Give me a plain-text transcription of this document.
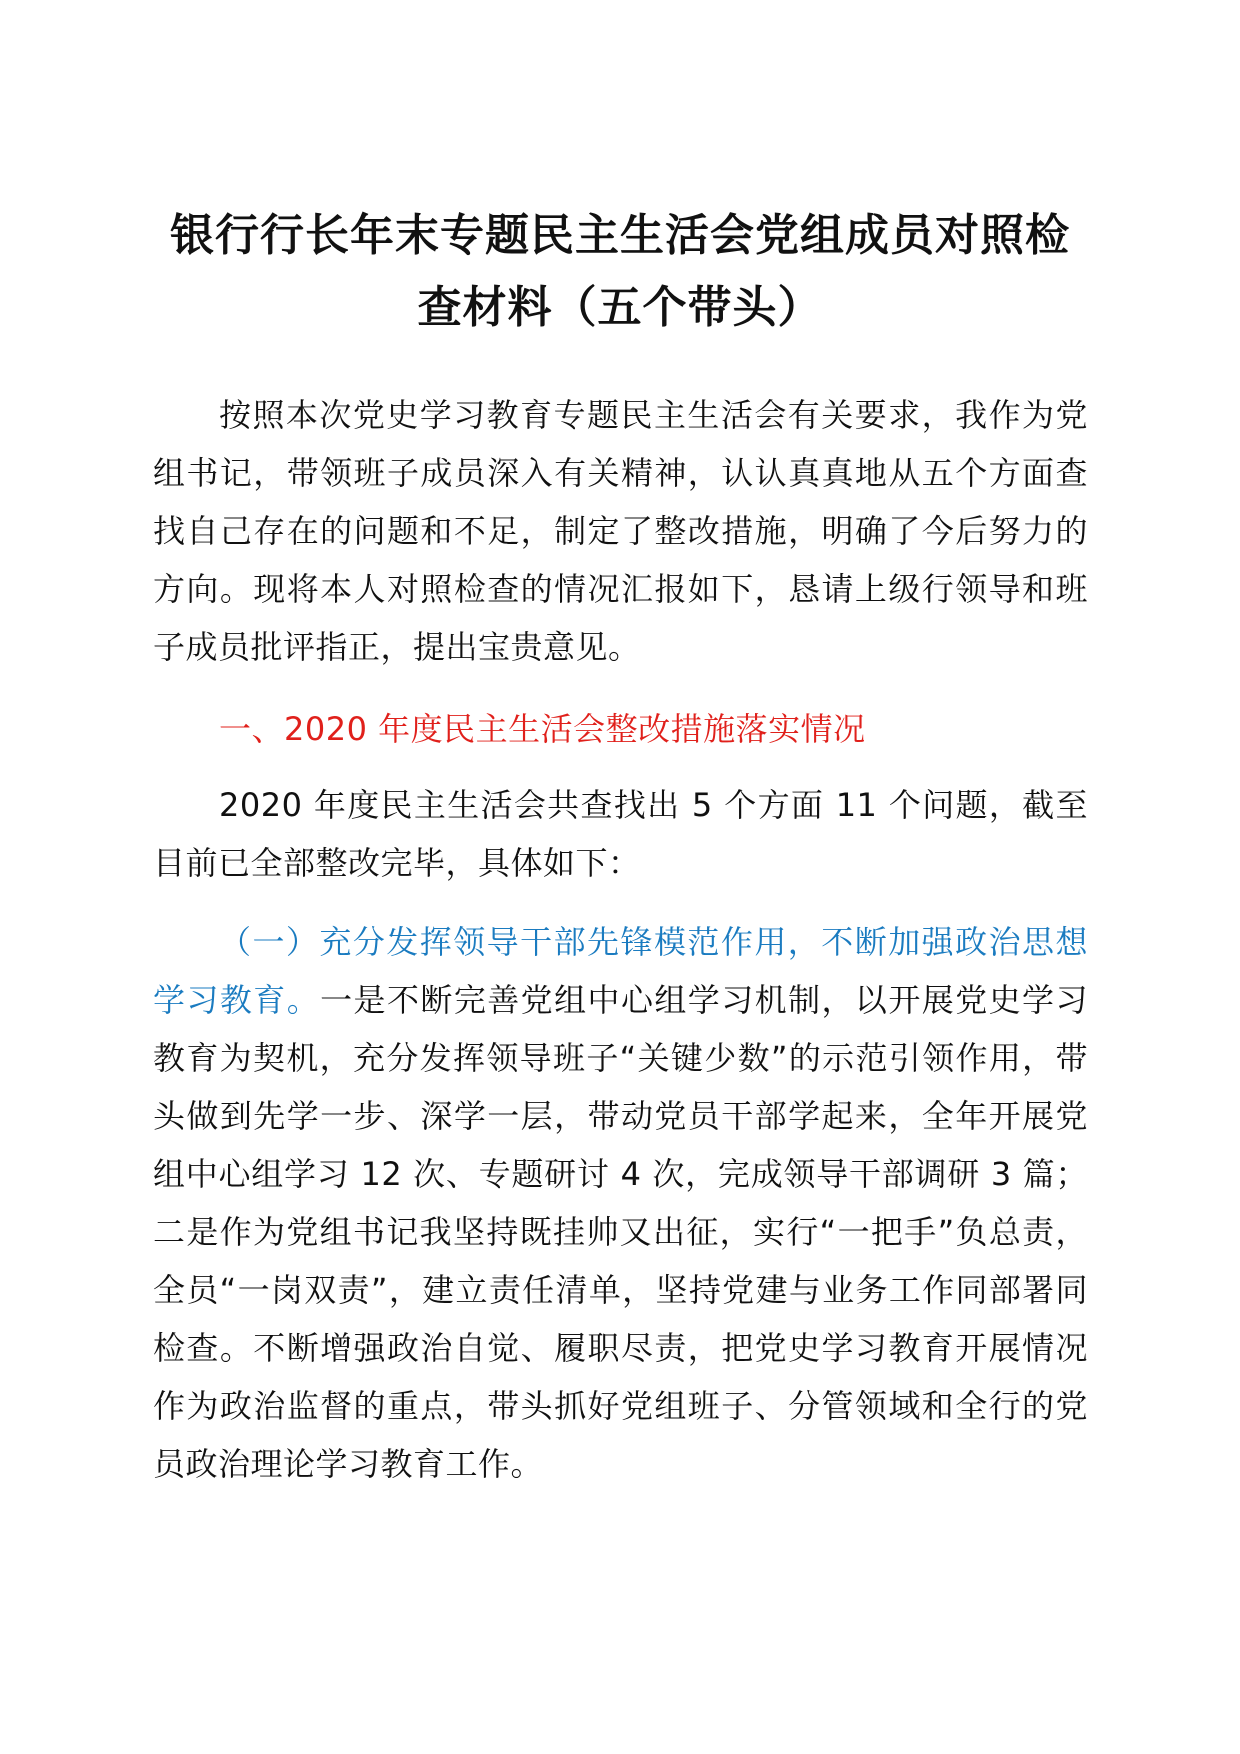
银行行长年末专题民主生活会党组成员对照检查材料（五个带头）

按照本次党史学习教育专题民主生活会有关要求，我作为党组书记，带领班子成员深入有关精神，认认真真地从五个方面查找自己存在的问题和不足，制定了整改措施，明确了今后努力的方向。现将本人对照检查的情况汇报如下，恳请上级行领导和班子成员批评指正，提出宝贵意见。

一、2020 年度民主生活会整改措施落实情况

2020 年度民主生活会共查找出 5 个方面 11 个问题，截至目前已全部整改完毕，具体如下：

（一）充分发挥领导干部先锋模范作用，不断加强政治思想学习教育。一是不断完善党组中心组学习机制，以开展党史学习教育为契机，充分发挥领导班子“关键少数”的示范引领作用，带头做到先学一步、深学一层，带动党员干部学起来，全年开展党组中心组学习 12 次、专题研讨 4 次，完成领导干部调研 3 篇；二是作为党组书记我坚持既挂帅又出征，实行“一把手”负总责，全员“一岗双责”，建立责任清单，坚持党建与业务工作同部署同检查。不断增强政治自觉、履职尽责，把党史学习教育开展情况作为政治监督的重点，带头抓好党组班子、分管领域和全行的党员政治理论学习教育工作。
